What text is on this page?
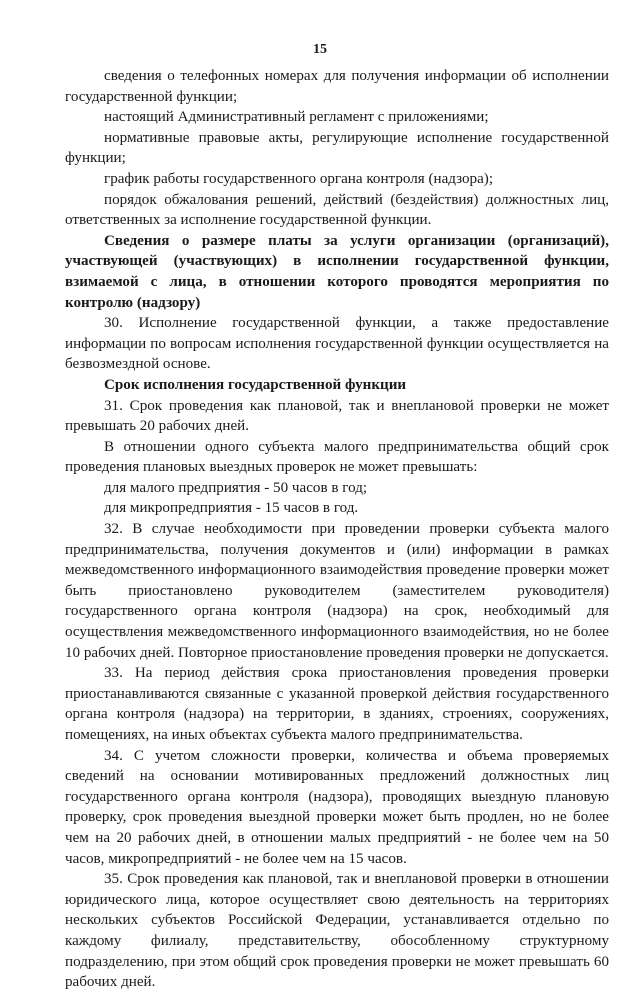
15

сведения о телефонных номерах для получения информации об исполнении государственной функции;

настоящий Административный регламент с приложениями;

нормативные правовые акты, регулирующие исполнение государственной функции;

график работы государственного органа контроля (надзора);

порядок обжалования решений, действий (бездействия) должностных лиц, ответственных за исполнение государственной функции.

Сведения о размере платы за услуги организации (организаций), участвующей (участвующих) в исполнении государственной функции, взимаемой с лица, в отношении которого проводятся мероприятия по контролю (надзору)

30. Исполнение государственной функции, а также предоставление информации по вопросам исполнения государственной функции осуществляется на безвозмездной основе.

Срок исполнения государственной функции

31. Срок проведения как плановой, так и внеплановой проверки не может превышать 20 рабочих дней.

В отношении одного субъекта малого предпринимательства общий срок проведения плановых выездных проверок не может превышать:

для малого предприятия - 50 часов в год;

для микропредприятия - 15 часов в год.

32. В случае необходимости при проведении проверки субъекта малого предпринимательства, получения документов и (или) информации в рамках межведомственного информационного взаимодействия проведение проверки может быть приостановлено руководителем (заместителем руководителя) государственного органа контроля (надзора) на срок, необходимый для осуществления межведомственного информационного взаимодействия, но не более 10 рабочих дней. Повторное приостановление проведения проверки не допускается.

33. На период действия срока приостановления проведения проверки приостанавливаются связанные с указанной проверкой действия государственного органа контроля (надзора) на территории, в зданиях, строениях, сооружениях, помещениях, на иных объектах субъекта малого предпринимательства.

34. С учетом сложности проверки, количества и объема проверяемых сведений на основании мотивированных предложений должностных лиц государственного органа контроля (надзора), проводящих выездную плановую проверку, срок проведения выездной проверки может быть продлен, но не более чем на 20 рабочих дней, в отношении малых предприятий - не более чем на 50 часов, микропредприятий - не более чем на 15 часов.

35. Срок проведения как плановой, так и внеплановой проверки в отношении юридического лица, которое осуществляет свою деятельность на территориях нескольких субъектов Российской Федерации, устанавливается отдельно по каждому филиалу, представительству, обособленному структурному подразделению, при этом общий срок проведения проверки не может превышать 60 рабочих дней.
